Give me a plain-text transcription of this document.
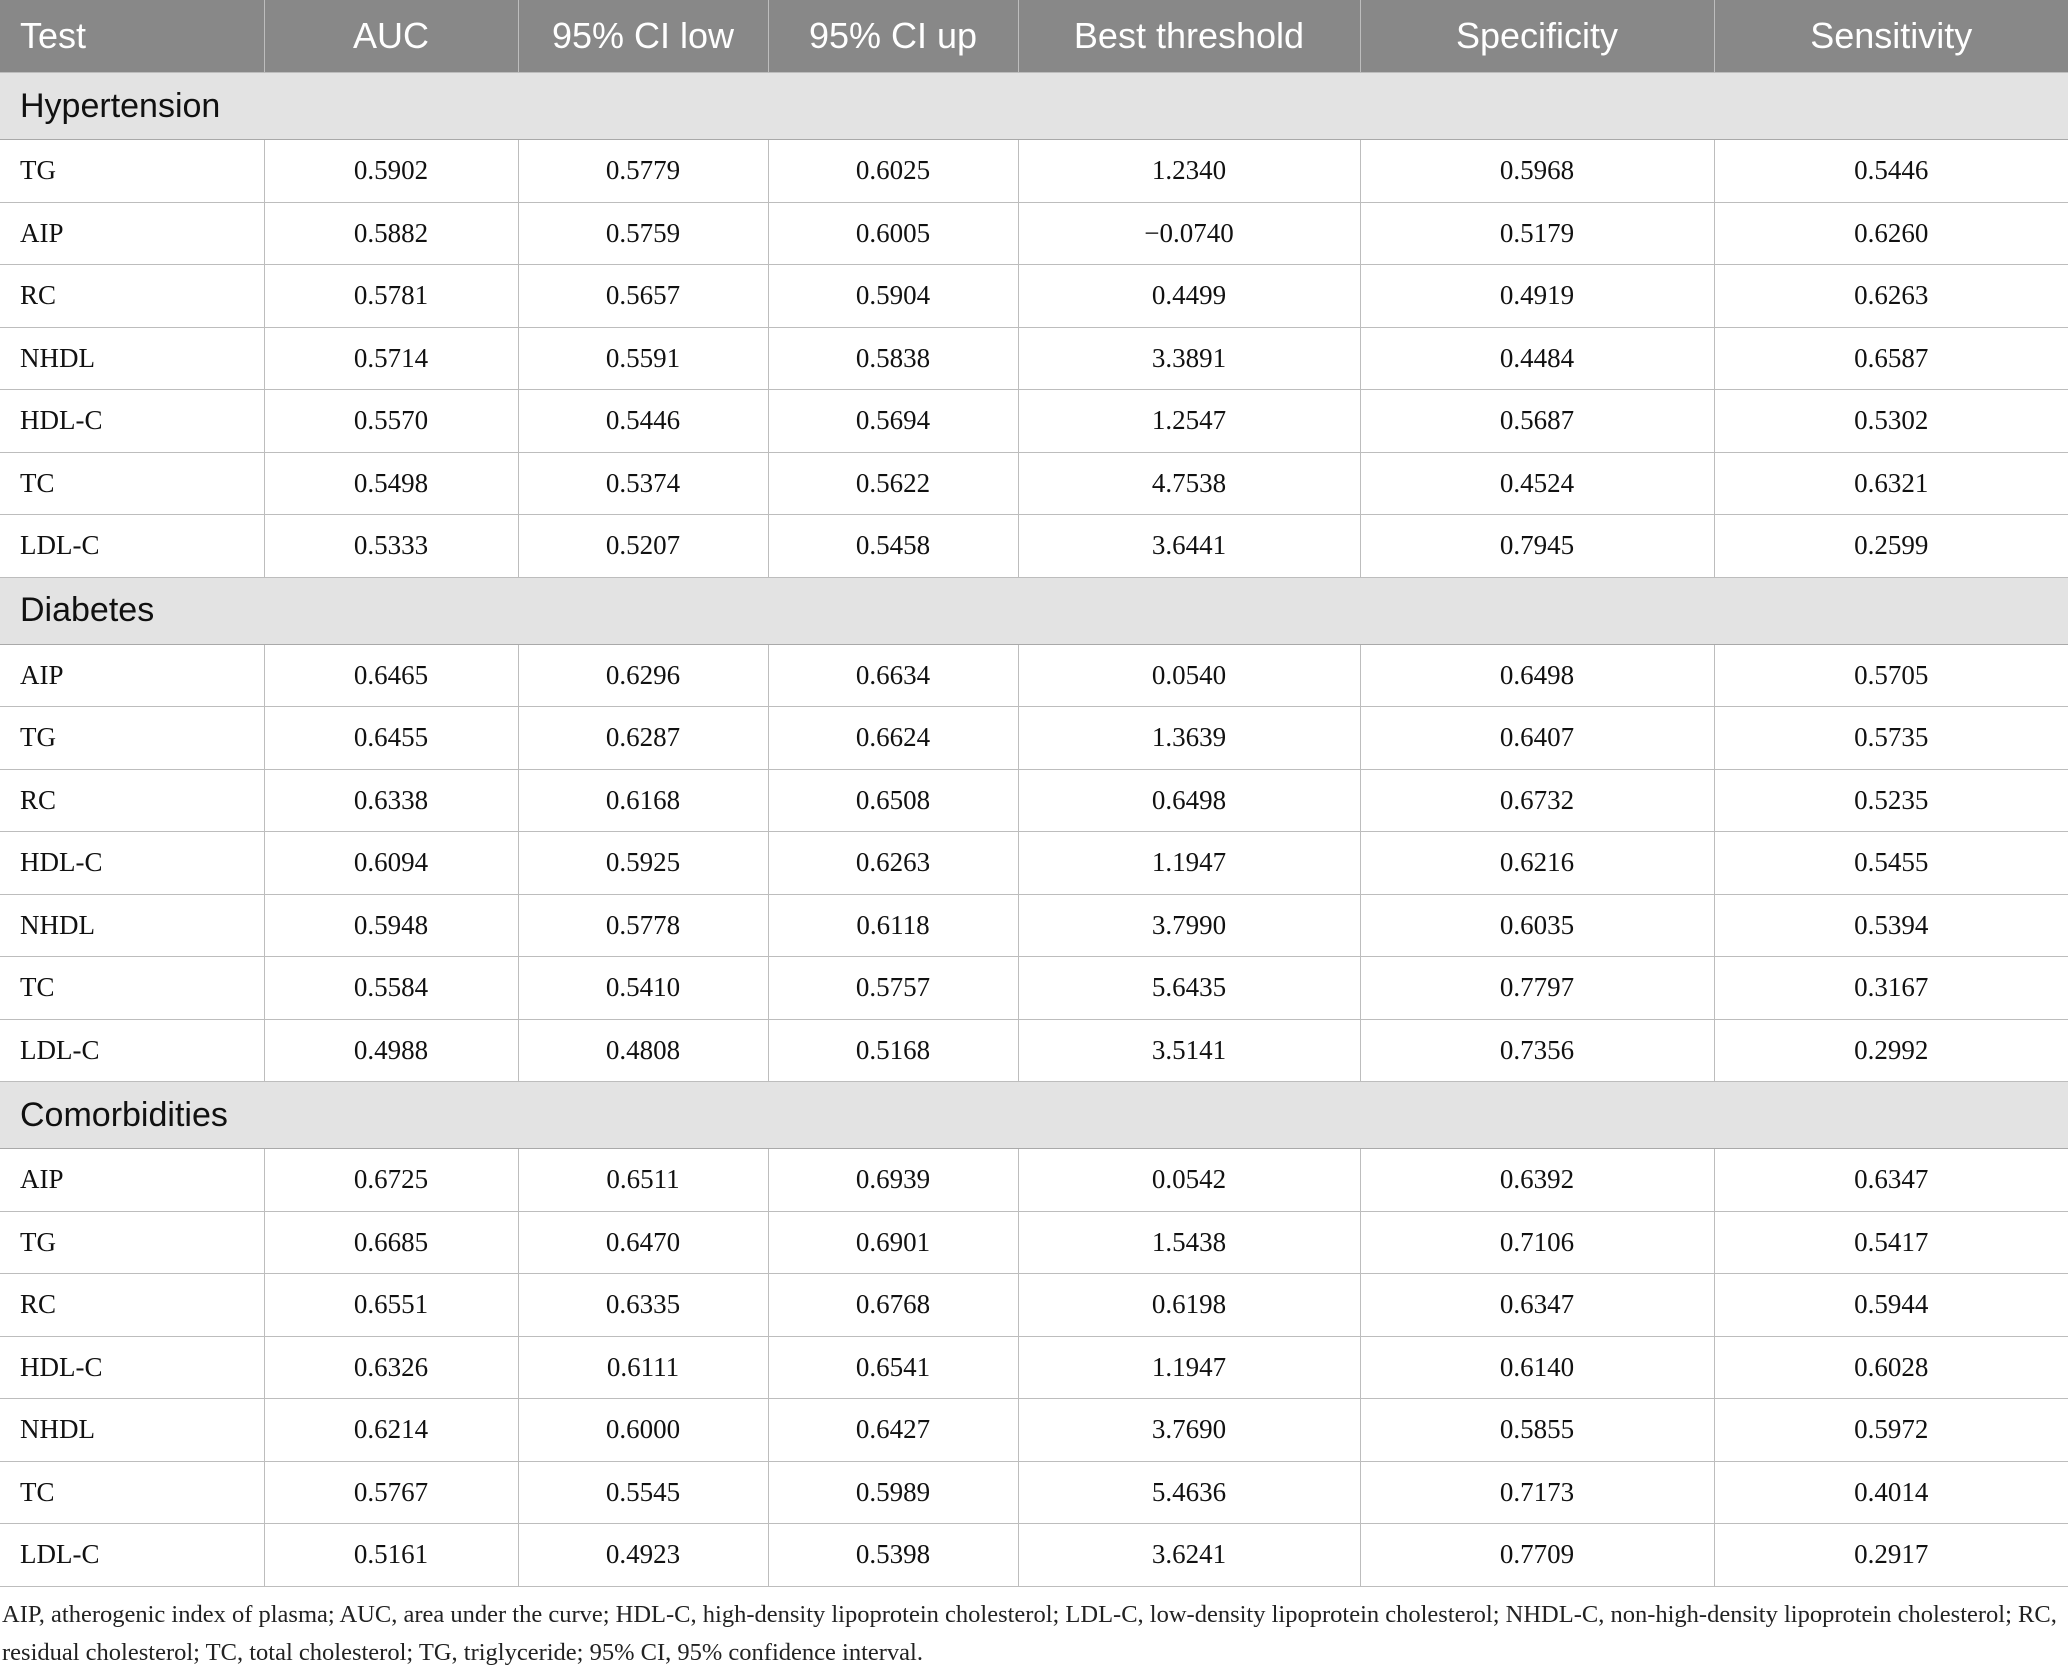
Test	AUC	95% CI low	95% CI up	Best threshold	Specificity	Sensitivity
Hypertension						
TG	0.5902	0.5779	0.6025	1.2340	0.5968	0.5446
AIP	0.5882	0.5759	0.6005	−0.0740	0.5179	0.6260
RC	0.5781	0.5657	0.5904	0.4499	0.4919	0.6263
NHDL	0.5714	0.5591	0.5838	3.3891	0.4484	0.6587
HDL-C	0.5570	0.5446	0.5694	1.2547	0.5687	0.5302
TC	0.5498	0.5374	0.5622	4.7538	0.4524	0.6321
LDL-C	0.5333	0.5207	0.5458	3.6441	0.7945	0.2599
Diabetes						
AIP	0.6465	0.6296	0.6634	0.0540	0.6498	0.5705
TG	0.6455	0.6287	0.6624	1.3639	0.6407	0.5735
RC	0.6338	0.6168	0.6508	0.6498	0.6732	0.5235
HDL-C	0.6094	0.5925	0.6263	1.1947	0.6216	0.5455
NHDL	0.5948	0.5778	0.6118	3.7990	0.6035	0.5394
TC	0.5584	0.5410	0.5757	5.6435	0.7797	0.3167
LDL-C	0.4988	0.4808	0.5168	3.5141	0.7356	0.2992
Comorbidities						
AIP	0.6725	0.6511	0.6939	0.0542	0.6392	0.6347
TG	0.6685	0.6470	0.6901	1.5438	0.7106	0.5417
RC	0.6551	0.6335	0.6768	0.6198	0.6347	0.5944
HDL-C	0.6326	0.6111	0.6541	1.1947	0.6140	0.6028
NHDL	0.6214	0.6000	0.6427	3.7690	0.5855	0.5972
TC	0.5767	0.5545	0.5989	5.4636	0.7173	0.4014
LDL-C	0.5161	0.4923	0.5398	3.6241	0.7709	0.2917
AIP, atherogenic index of plasma; AUC, area under the curve; HDL-C, high-density lipoprotein cholesterol; LDL-C, low-density lipoprotein cholesterol; NHDL-C, non-high-density lipoprotein cholesterol; RC, residual cholesterol; TC, total cholesterol; TG, triglyceride; 95% CI, 95% confidence interval.
